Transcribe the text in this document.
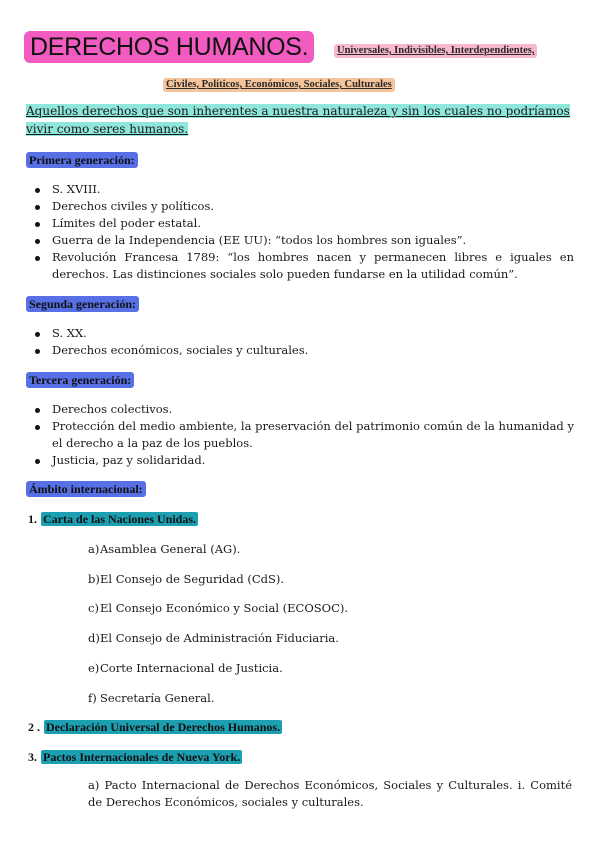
DERECHOS HUMANOS.	Universales, Indivisibles, Interdependientes,
Civiles, Políticos, Económicos, Sociales, Culturales
Aquellos derechos que son inherentes a nuestra naturaleza y sin los cuales no podríamos vivir como seres humanos.
Primera generación:
S. XVIII.
Derechos civiles y políticos.
Límites del poder estatal.
Guerra de la Independencia (EE UU): “todos los hombres son iguales”.
Revolución Francesa 1789: “los hombres nacen y permanecen libres e iguales en derechos. Las distinciones sociales solo pueden fundarse en la utilidad común”.
Segunda generación:
S. XX.
Derechos económicos, sociales y culturales.
Tercera generación:
Derechos colectivos.
Protección del medio ambiente, la preservación del patrimonio común de la humanidad y el derecho a la paz de los pueblos.
Justicia, paz y solidaridad.
Ámbito internacional:
1. Carta de las Naciones Unidas.
a)Asamblea General (AG).
b)El Consejo de Seguridad (CdS).
c)El Consejo Económico y Social (ECOSOC).
d)El Consejo de Administración Fiduciaria.
e)Corte Internacional de Justicia.
f) Secretaría General.
2 . Declaración Universal de Derechos Humanos.
3. Pactos Internacionales de Nueva York.
a) Pacto Internacional de Derechos Económicos, Sociales y Culturales. i. Comité de Derechos Económicos, sociales y culturales.
